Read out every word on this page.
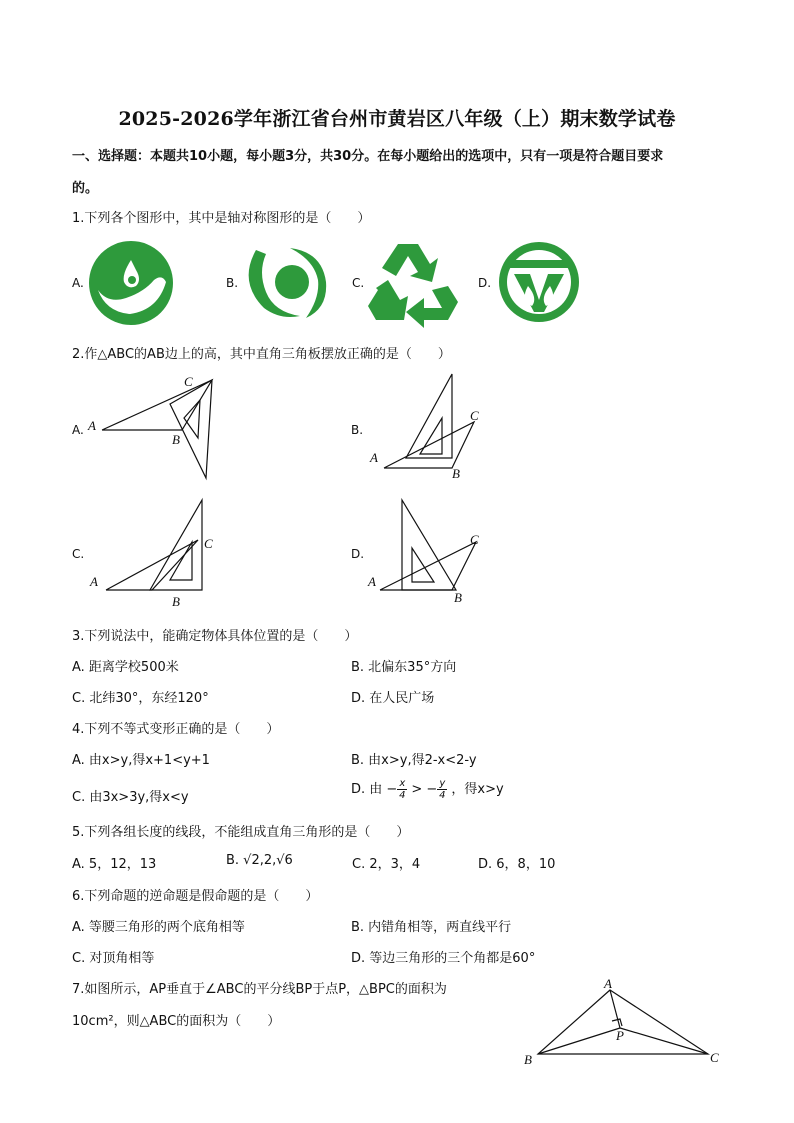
2025-2026学年浙江省台州市黄岩区八年级（上）期末数学试卷
一、选择题：本题共10小题，每小题3分，共30分。在每小题给出的选项中，只有一项是符合题目要求
的。
1.下列各个图形中，其中是轴对称图形的是（　　）
A.	B.	C.	D.
2.作△ABC的AB边上的高，其中直角三角板摆放正确的是（　　）
A.	B.
C.	D.
A
B
C
A
B
C
A
B
C
A
B
C
3.下列说法中，能确定物体具体位置的是（　　）
A. 距离学校500米	B. 北偏东35°方向
C. 北纬30°，东经120°	D. 在人民广场
4.下列不等式变形正确的是（　　）
A. 由x>y,得x+1<y+1	B. 由x>y,得2-x<2-y
C. 由3x>3y,得x<y
D. 由 − $\frac{x}{4}$ > − $\frac{y}{4}$ ，得x>y
5.下列各组长度的线段，不能组成直角三角形的是（　　）
A. 5，12，13	B. √2,2,√6	C. 2，3，4	D. 6，8，10
6.下列命题的逆命题是假命题的是（　　）
A. 等腰三角形的两个底角相等	B. 内错角相等，两直线平行
C. 对顶角相等	D. 等边三角形的三个角都是60°
7.如图所示，AP垂直于∠ABC的平分线BP于点P，△BPC的面积为
10cm²，则△ABC的面积为（　　）
A
B	C
P
